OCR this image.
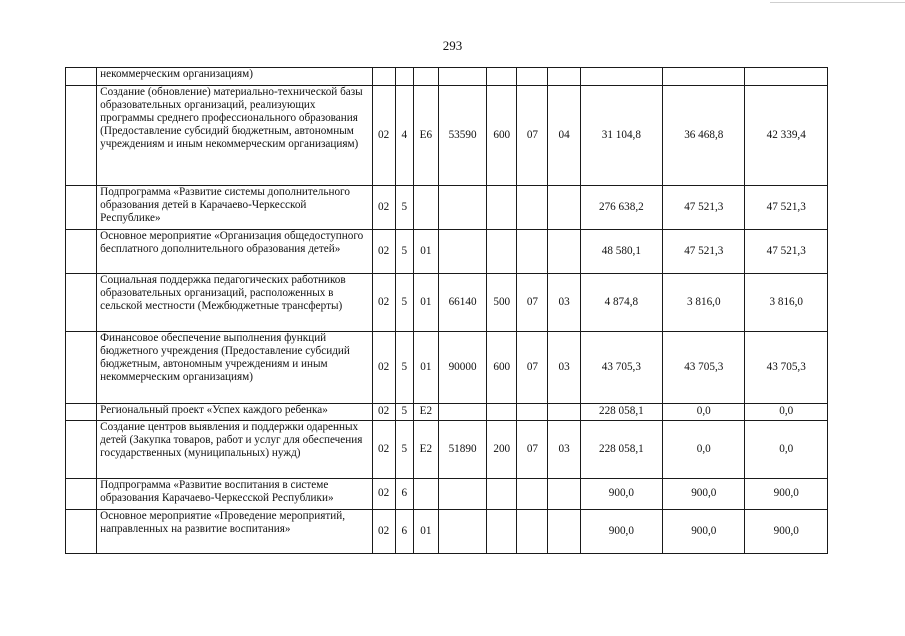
293
	некоммерческим организациям)										
	Создание (обновление) материально-технической базы образовательных организаций, реализующих программы среднего профессионального образования (Предоставление субсидий бюджетным, автономным учреждениям и иным некоммерческим организациям)	02	4	Е6	53590	600	07	04	31 104,8	36 468,8	42 339,4
	Подпрограмма «Развитие системы дополнительного образования детей в Карачаево-Черкесской Республике»	02	5						276 638,2	47 521,3	47 521,3
	Основное мероприятие «Организация общедоступного бесплатного дополнительного образования детей»	02	5	01					48 580,1	47 521,3	47 521,3
	Социальная поддержка педагогических работников образовательных организаций, расположенных в сельской местности (Межбюджетные трансферты)	02	5	01	66140	500	07	03	4 874,8	3 816,0	3 816,0
	Финансовое обеспечение выполнения функций бюджетного учреждения (Предоставление субсидий бюджетным, автономным учреждениям и иным некоммерческим организациям)	02	5	01	90000	600	07	03	43 705,3	43 705,3	43 705,3
	Региональный проект «Успех каждого ребенка»	02	5	Е2					228 058,1	0,0	0,0
	Создание центров выявления и поддержки одаренных детей (Закупка товаров, работ и услуг для обеспечения государственных (муниципальных) нужд)	02	5	Е2	51890	200	07	03	228 058,1	0,0	0,0
	Подпрограмма «Развитие воспитания в системе образования Карачаево-Черкесской Республики»	02	6						900,0	900,0	900,0
	Основное мероприятие «Проведение мероприятий, направленных на развитие воспитания»	02	6	01					900,0	900,0	900,0
